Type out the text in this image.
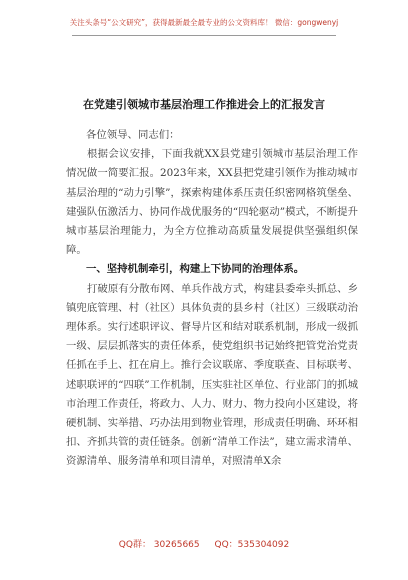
关注头条号“公文研究”，获得最新最全最专业的公文资料库！ 微信：gongwenyj
在党建引领城市基层治理工作推进会上的汇报发言

各位领导、同志们：

根据会议安排，下面我就XX县党建引领城市基层治理工作情况做一简要汇报。2023年来，XX县把党建引领作为推动城市基层治理的“动力引擎”，探索构建体系压责任织密网格筑堡垒、建强队伍激活力、协同作战优服务的“四轮驱动”模式，不断提升城市基层治理能力，为全方位推动高质量发展提供坚强组织保障。

一、坚持机制牵引，构建上下协同的治理体系。

打破原有分散布网、单兵作战方式，构建县委牵头抓总、乡镇兜底管理、村（社区）具体负责的县乡村（社区）三级联动治理体系。实行述职评议、督导片区和结对联系机制，形成一级抓一级、层层抓落实的责任体系，使党组织书记始终把管党治党责任抓在手上、扛在肩上。推行会议联席、季度联查、目标联考、述职联评的“四联”工作机制，压实驻社区单位、行业部门的抓城市治理工作责任，将政力、人力、财力、物力投向小区建设，将硬机制、实举措、巧办法用到物业管理，形成责任明确、环环相扣、齐抓共管的责任链条。创新“清单工作法”，建立需求清单、资源清单、服务清单和项目清单，对照清单X余

QQ群： 30265665 QQ：535304092
